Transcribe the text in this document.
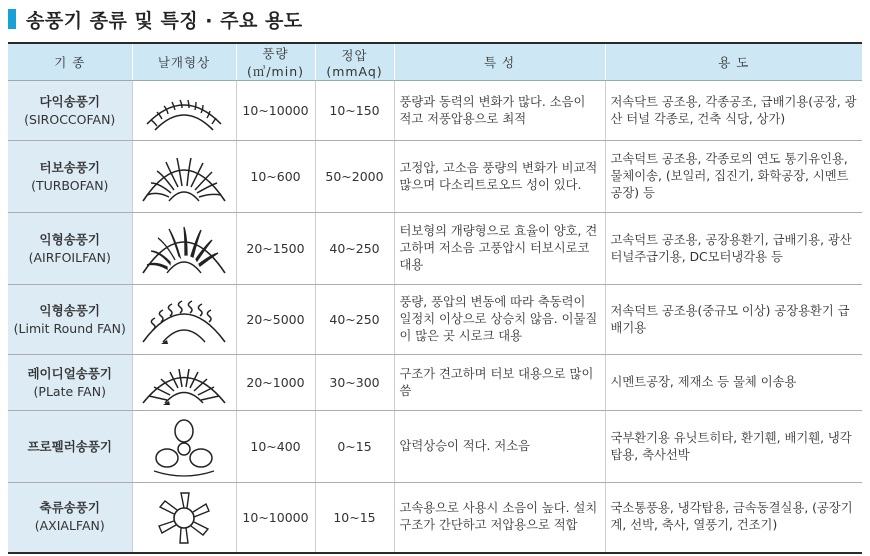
송풍기 종류 및 특징 · 주요 용도
기 종	날개형상	풍량(㎥/min)	정압(mmAq)	특 성	용 도
다익송풍기
(SIROCCOFAN)		10~10000	10~150	풍량과 동력의 변화가 많다. 소음이 적고 저풍압용으로 최적	저속닥트 공조용, 각종공조, 급배기용(공장, 광산 터널 각종로, 건축 식당, 상가)
터보송풍기
(TURBOFAN)		10~600	50~2000	고정압, 고소음 풍량의 변화가 비교적 많으며 다소리트로오드 성이 있다.	고속덕트 공조용, 각종로의 연도 통기유인용, 물체이송, (보일러, 집진기, 화학공장, 시멘트공장) 등
익형송풍기
(AIRFOILFAN)		20~1500	40~250	터보형의 개량형으로 효율이 양호, 견고하며 저소음 고풍압시 터보시로코 대용	고속덕트 공조용, 공장용환기, 급배기용, 광산터널주급기용, DC모터냉각용 등
익형송풍기
(Limit Round FAN)		20~5000	40~250	풍량, 풍압의 변동에 따라 축동력이 일정치 이상으로 상승치 않음. 이물질이 많은 곳 시로크 대용	저속덕트 공조용(중규모 이상) 공장용환기 급배기용
레이디얼송풍기
(PLate FAN)		20~1000	30~300	구조가 견고하며 터보 대용으로 많이 씀	시멘트공장, 제재소 등 물체 이송용
프로펠러송풍기		10~400	0~15	압력상승이 적다. 저소음	국부환기용 유닛트히타, 환기휀, 배기휀, 냉각탑용, 축사선박
축류송풍기
(AXIALFAN)		10~10000	10~15	고속용으로 사용시 소음이 높다. 설치구조가 간단하고 저압용으로 적합	국소통풍용, 냉각탑용, 금속동결실용, (공장기계, 선박, 축사, 열풍기, 건조기)
